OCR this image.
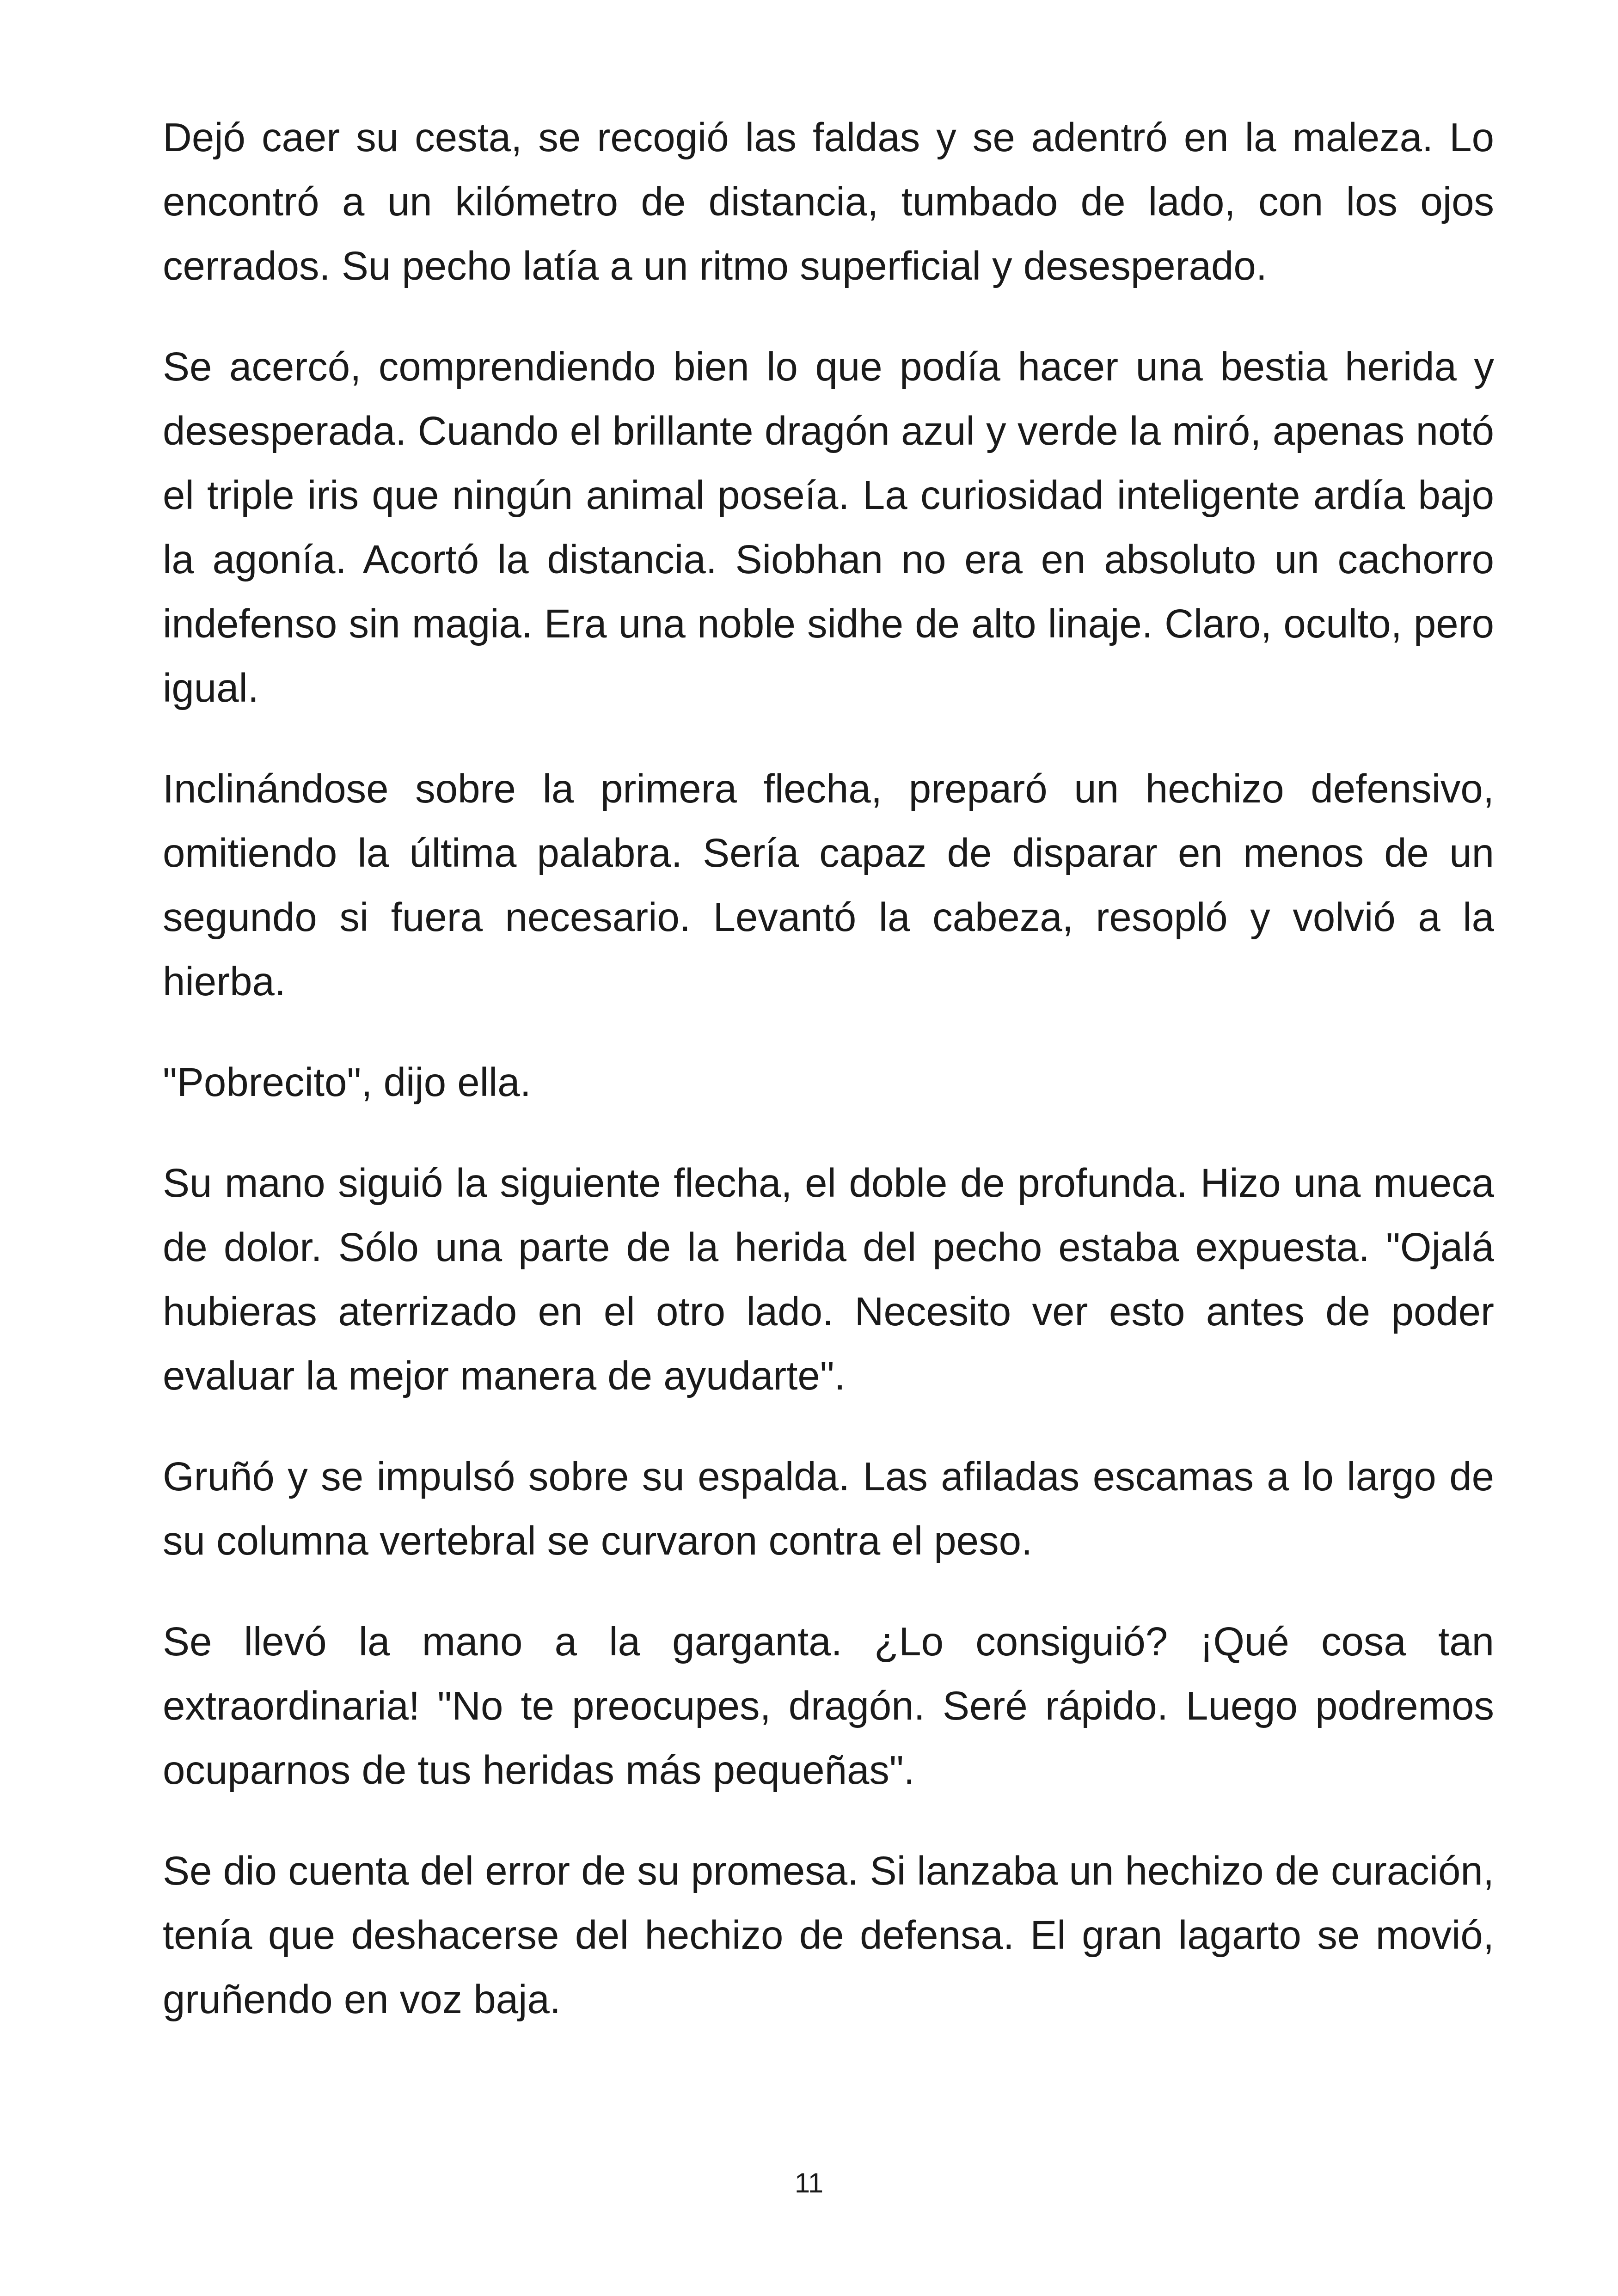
Dejó caer su cesta, se recogió las faldas y se adentró en la maleza. Lo encontró a un kilómetro de distancia, tumbado de lado, con los ojos cerrados. Su pecho latía a un ritmo superficial y desesperado.

Se acercó, comprendiendo bien lo que podía hacer una bestia herida y desesperada. Cuando el brillante dragón azul y verde la miró, apenas notó el triple iris que ningún animal poseía. La curiosidad inteligente ardía bajo la agonía. Acortó la distancia. Siobhan no era en absoluto un cachorro indefenso sin magia. Era una noble sidhe de alto linaje. Claro, oculto, pero igual.

Inclinándose sobre la primera flecha, preparó un hechizo defensivo, omitiendo la última palabra. Sería capaz de disparar en menos de un segundo si fuera necesario. Levantó la cabeza, resopló y volvió a la hierba.

"Pobrecito", dijo ella.

Su mano siguió la siguiente flecha, el doble de profunda. Hizo una mueca de dolor. Sólo una parte de la herida del pecho estaba expuesta. "Ojalá hubieras aterrizado en el otro lado. Necesito ver esto antes de poder evaluar la mejor manera de ayudarte".

Gruñó y se impulsó sobre su espalda. Las afiladas escamas a lo largo de su columna vertebral se curvaron contra el peso.

Se llevó la mano a la garganta. ¿Lo consiguió? ¡Qué cosa tan extraordinaria! "No te preocupes, dragón. Seré rápido. Luego podremos ocuparnos de tus heridas más pequeñas".

Se dio cuenta del error de su promesa. Si lanzaba un hechizo de curación, tenía que deshacerse del hechizo de defensa. El gran lagarto se movió, gruñendo en voz baja.

11
